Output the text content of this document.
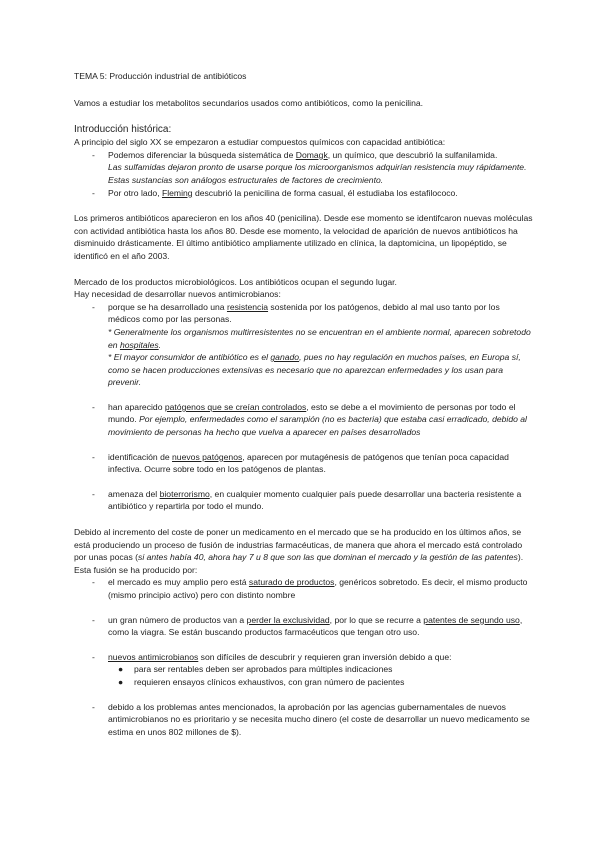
TEMA 5: Producción industrial de antibióticos

Vamos a estudiar los metabolitos secundarios usados como antibióticos, como la penicilina.

Introducción histórica:

A principio del siglo XX se empezaron a estudiar compuestos químicos con capacidad antibiótica:

- Podemos diferenciar la búsqueda sistemática de Domagk, un químico, que descubrió la sulfanilamida.

Las sulfamidas dejaron pronto de usarse porque los microorganismos adquirían resistencia muy rápidamente. Estas sustancias son análogos estructurales de factores de crecimiento.

- Por otro lado, Fleming descubrió la penicilina de forma casual, él estudiaba los estafilococo.

Los primeros antibióticos aparecieron en los años 40 (penicilina). Desde ese momento se identifcaron nuevas moléculas con actividad antibiótica hasta los años 80. Desde ese momento, la velocidad de aparición de nuevos antibióticos ha disminuido drásticamente. El último antibiótico ampliamente utilizado en clínica, la daptomicina, un lipopéptido, se identificó en el año 2003.

Mercado de los productos microbiológicos. Los antibióticos ocupan el segundo lugar.

Hay necesidad de desarrollar nuevos antimicrobianos:

- porque se ha desarrollado una resistencia sostenida por los patógenos, debido al mal uso tanto por los médicos como por las personas.

* Generalmente los organismos multirresistentes no se encuentran en el ambiente normal, aparecen sobretodo en hospitales.

* El mayor consumidor de antibiótico es el ganado, pues no hay regulación en muchos países, en Europa sí, como se hacen producciones extensivas es necesario que no aparezcan enfermedades y los usan para prevenir.

- han aparecido patógenos que se creían controlados, esto se debe a el movimiento de personas por todo el mundo. Por ejemplo, enfermedades como el sarampión (no es bacteria) que estaba casi erradicado, debido al movimiento de personas ha hecho que vuelva a aparecer en países desarrollados

- identificación de nuevos patógenos, aparecen por mutagénesis de patógenos que tenían poca capacidad infectiva. Ocurre sobre todo en los patógenos de plantas.

- amenaza del bioterrorismo, en cualquier momento cualquier país puede desarrollar una bacteria resistente a antibiótico y repartirla por todo el mundo.

Debido al incremento del coste de poner un medicamento en el mercado que se ha producido en los últimos años, se está produciendo un proceso de fusión de industrias farmacéuticas, de manera que ahora el mercado está controlado por unas pocas (si antes había 40, ahora hay 7 u 8 que son las que dominan el mercado y la gestión de las patentes). Esta fusión se ha producido por:

- el mercado es muy amplio pero está saturado de productos, genéricos sobretodo. Es decir, el mismo producto (mismo principio activo) pero con distinto nombre

- un gran número de productos van a perder la exclusividad, por lo que se recurre a patentes de segundo uso, como la viagra. Se están buscando productos farmacéuticos que tengan otro uso.

- nuevos antimicrobianos son difíciles de descubrir y requieren gran inversión debido a que:

● para ser rentables deben ser aprobados para múltiples indicaciones

● requieren ensayos clínicos exhaustivos, con gran número de pacientes

- debido a los problemas antes mencionados, la aprobación por las agencias gubernamentales de nuevos antimicrobianos no es prioritario y se necesita mucho dinero (el coste de desarrollar un nuevo medicamento se estima en unos 802 millones de $).
